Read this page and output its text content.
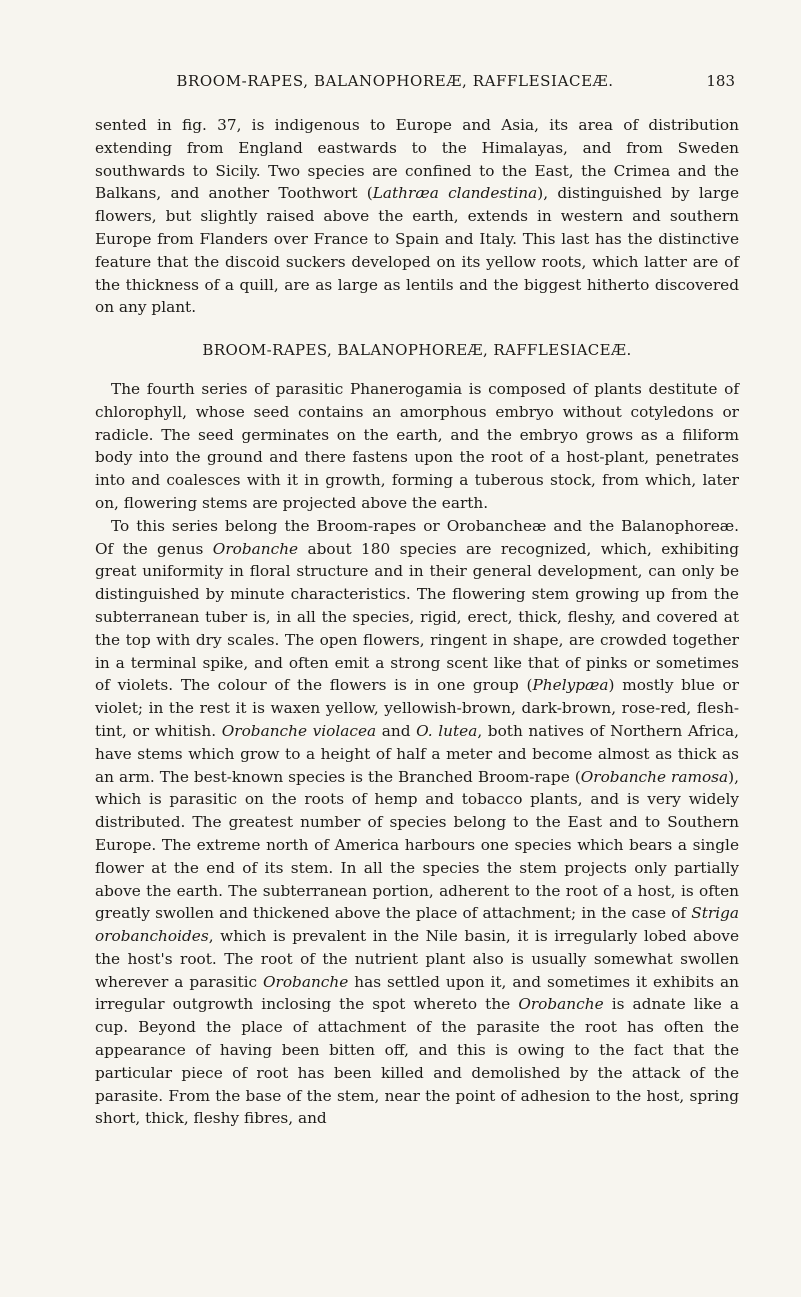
BROOM-RAPES, BALANOPHOREÆ, RAFFLESIACEÆ.	183

sented in fig. 37, is indigenous to Europe and Asia, its area of distribution extending from England eastwards to the Himalayas, and from Sweden southwards to Sicily. Two species are confined to the East, the Crimea and the Balkans, and another Toothwort (Lathræa clandestina), distinguished by large flowers, but slightly raised above the earth, extends in western and southern Europe from Flanders over France to Spain and Italy. This last has the distinctive feature that the discoid suckers developed on its yellow roots, which latter are of the thickness of a quill, are as large as lentils and the biggest hitherto discovered on any plant.

BROOM-RAPES, BALANOPHOREÆ, RAFFLESIACEÆ.

The fourth series of parasitic Phanerogamia is composed of plants destitute of chlorophyll, whose seed contains an amorphous embryo without cotyledons or radicle. The seed germinates on the earth, and the embryo grows as a filiform body into the ground and there fastens upon the root of a host-plant, penetrates into and coalesces with it in growth, forming a tuberous stock, from which, later on, flowering stems are projected above the earth.

To this series belong the Broom-rapes or Orobancheæ and the Balanophoreæ. Of the genus Orobanche about 180 species are recognized, which, exhibiting great uniformity in floral structure and in their general development, can only be distinguished by minute characteristics. The flowering stem growing up from the subterranean tuber is, in all the species, rigid, erect, thick, fleshy, and covered at the top with dry scales. The open flowers, ringent in shape, are crowded together in a terminal spike, and often emit a strong scent like that of pinks or sometimes of violets. The colour of the flowers is in one group (Phelypæa) mostly blue or violet; in the rest it is waxen yellow, yellowish-brown, dark-brown, rose-red, flesh-tint, or whitish. Orobanche violacea and O. lutea, both natives of Northern Africa, have stems which grow to a height of half a meter and become almost as thick as an arm. The best-known species is the Branched Broom-rape (Orobanche ramosa), which is parasitic on the roots of hemp and tobacco plants, and is very widely distributed. The greatest number of species belong to the East and to Southern Europe. The extreme north of America harbours one species which bears a single flower at the end of its stem. In all the species the stem projects only partially above the earth. The subterranean portion, adherent to the root of a host, is often greatly swollen and thickened above the place of attachment; in the case of Striga orobanchoides, which is prevalent in the Nile basin, it is irregularly lobed above the host's root. The root of the nutrient plant also is usually somewhat swollen wherever a parasitic Orobanche has settled upon it, and sometimes it exhibits an irregular outgrowth inclosing the spot whereto the Orobanche is adnate like a cup. Beyond the place of attachment of the parasite the root has often the appearance of having been bitten off, and this is owing to the fact that the particular piece of root has been killed and demolished by the attack of the parasite. From the base of the stem, near the point of adhesion to the host, spring short, thick, fleshy fibres, and
